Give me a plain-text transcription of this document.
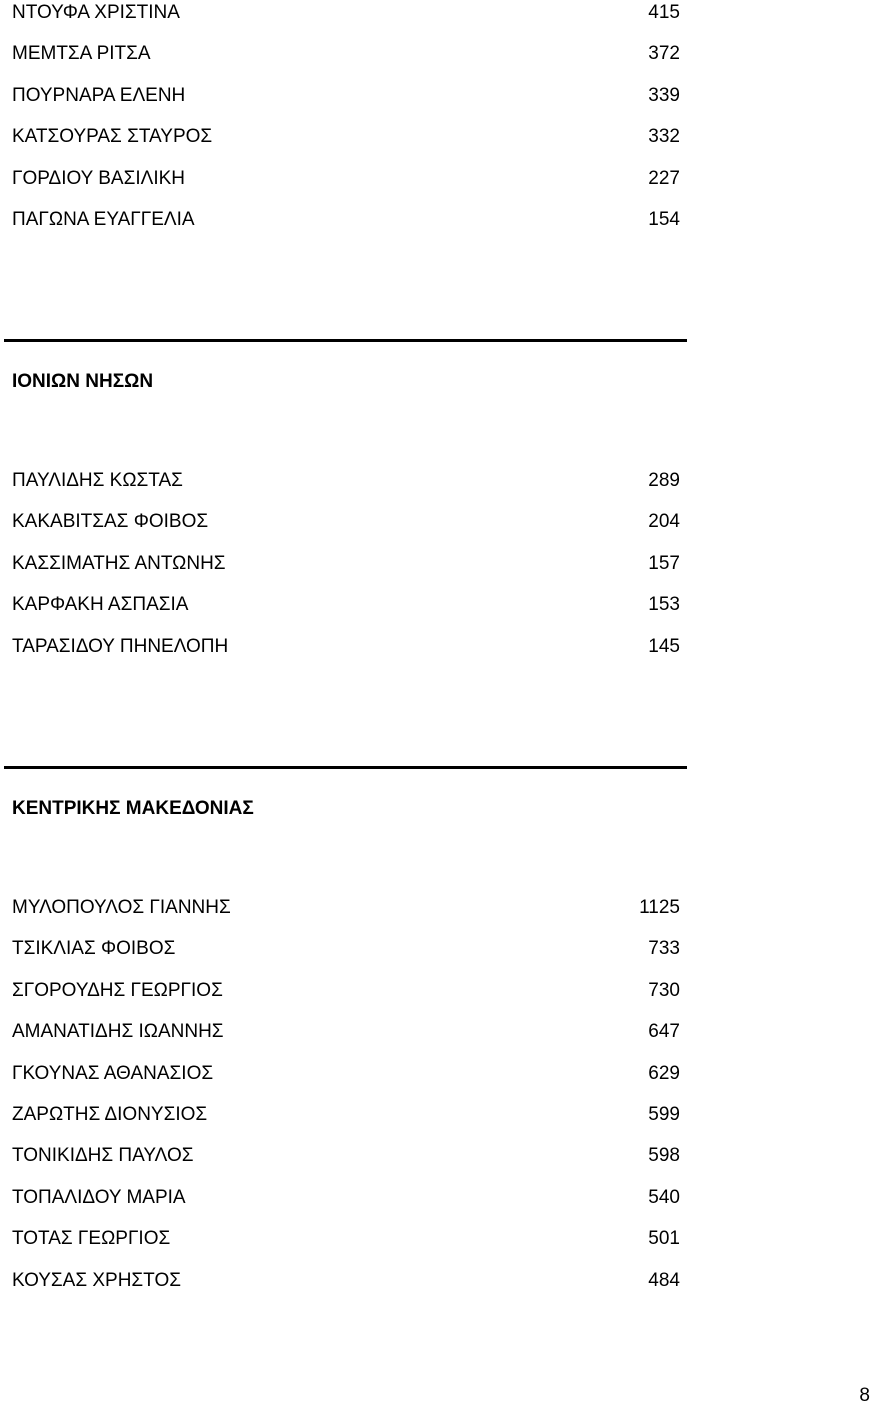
ΝΤΟΥΦΑ ΧΡΙΣΤΙΝΑ	415
ΜΕΜΤΣΑ ΡΙΤΣΑ	372
ΠΟΥΡΝΑΡΑ ΕΛΕΝΗ	339
ΚΑΤΣΟΥΡΑΣ ΣΤΑΥΡΟΣ	332
ΓΟΡΔΙΟΥ ΒΑΣΙΛΙΚΗ	227
ΠΑΓΩΝΑ ΕΥΑΓΓΕΛΙΑ	154
ΙΟΝΙΩΝ ΝΗΣΩΝ
ΠΑΥΛΙΔΗΣ ΚΩΣΤΑΣ	289
ΚΑΚΑΒΙΤΣΑΣ ΦΟΙΒΟΣ	204
ΚΑΣΣΙΜΑΤΗΣ ΑΝΤΩΝΗΣ	157
ΚΑΡΦΑΚΗ ΑΣΠΑΣΙΑ	153
ΤΑΡΑΣΙΔΟΥ ΠΗΝΕΛΟΠΗ	145
ΚΕΝΤΡΙΚΗΣ ΜΑΚΕΔΟΝΙΑΣ
ΜΥΛΟΠΟΥΛΟΣ ΓΙΑΝΝΗΣ	1125
ΤΣΙΚΛΙΑΣ ΦΟΙΒΟΣ	733
ΣΓΟΡΟΥΔΗΣ ΓΕΩΡΓΙΟΣ	730
ΑΜΑΝΑΤΙΔΗΣ ΙΩΑΝΝΗΣ	647
ΓΚΟΥΝΑΣ ΑΘΑΝΑΣΙΟΣ	629
ΖΑΡΩΤΗΣ ΔΙΟΝΥΣΙΟΣ	599
ΤΟΝΙΚΙΔΗΣ ΠΑΥΛΟΣ	598
ΤΟΠΑΛΙΔΟΥ ΜΑΡΙΑ	540
ΤΟΤΑΣ ΓΕΩΡΓΙΟΣ	501
ΚΟΥΣΑΣ ΧΡΗΣΤΟΣ	484
8
